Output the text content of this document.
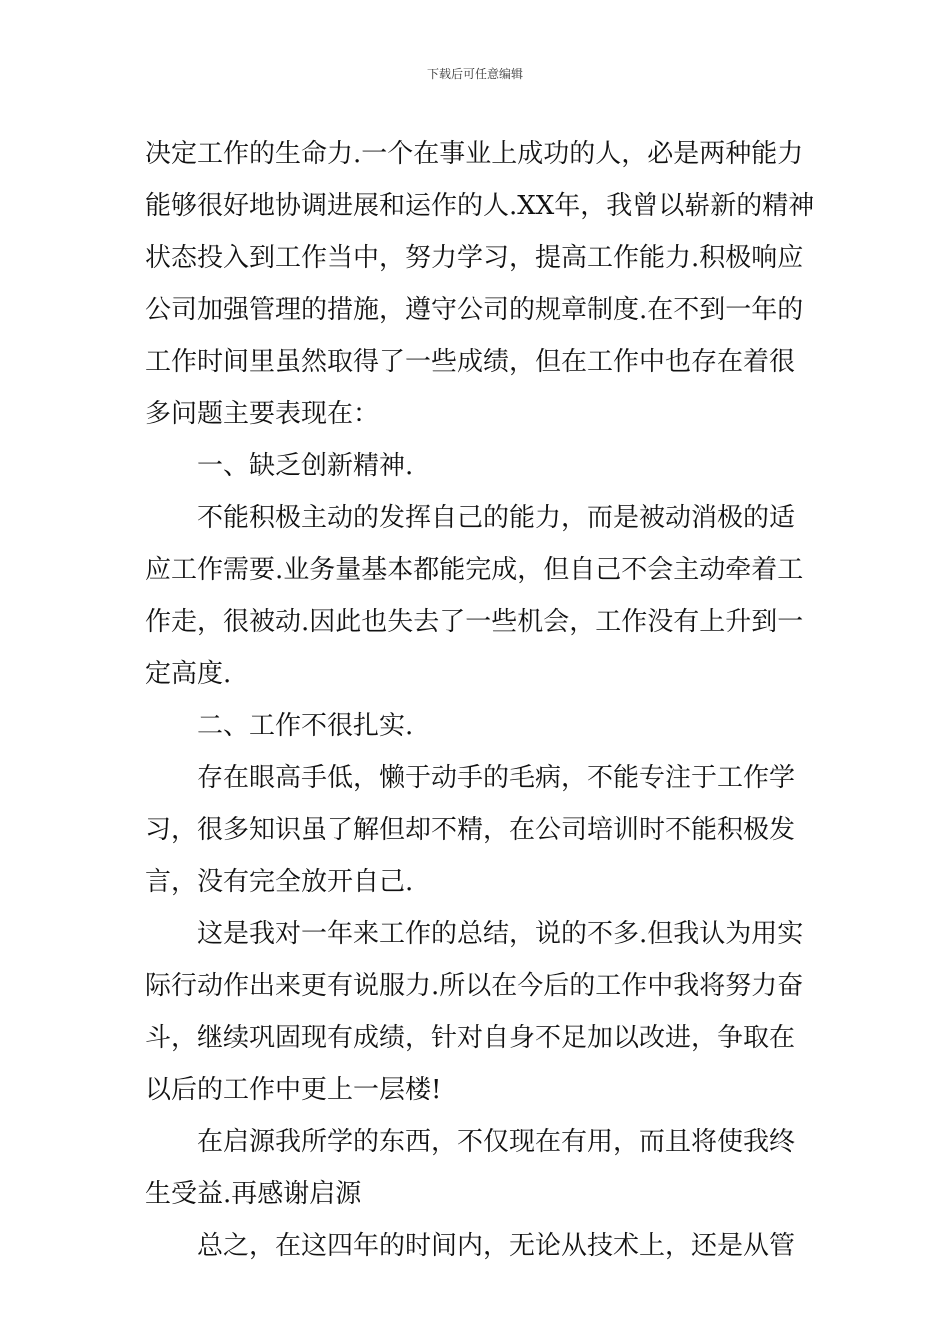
下载后可任意编辑
决定工作的生命力.一个在事业上成功的人，必是两种能力
能够很好地协调进展和运作的人.XX年，我曾以崭新的精神
状态投入到工作当中，努力学习，提高工作能力.积极响应
公司加强管理的措施，遵守公司的规章制度.在不到一年的
工作时间里虽然取得了一些成绩，但在工作中也存在着很
多问题主要表现在：
一、缺乏创新精神.
不能积极主动的发挥自己的能力，而是被动消极的适
应工作需要.业务量基本都能完成，但自己不会主动牵着工
作走，很被动.因此也失去了一些机会，工作没有上升到一
定高度.
二、工作不很扎实.
存在眼高手低，懒于动手的毛病，不能专注于工作学
习，很多知识虽了解但却不精，在公司培训时不能积极发
言，没有完全放开自己.
这是我对一年来工作的总结，说的不多.但我认为用实
际行动作出来更有说服力.所以在今后的工作中我将努力奋
斗，继续巩固现有成绩，针对自身不足加以改进，争取在
以后的工作中更上一层楼!
在启源我所学的东西，不仅现在有用，而且将使我终
生受益.再感谢启源
总之，在这四年的时间内，无论从技术上，还是从管
